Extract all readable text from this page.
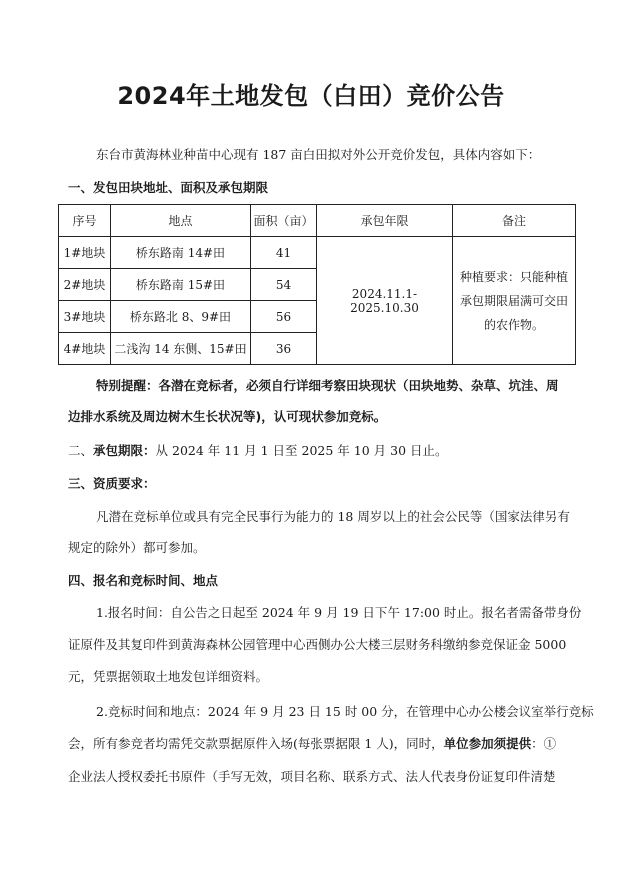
2024年土地发包（白田）竞价公告
东台市黄海林业种苗中心现有 187 亩白田拟对外公开竞价发包，具体内容如下：
一、发包田块地址、面积及承包期限
序号	地点	面积（亩）	承包年限	备注
1#地块	桥东路南 14#田	41	2024.11.1-2025.10.30	种植要求：只能种植承包期限届满可交田的农作物。
2#地块	桥东路南 15#田	54		
3#地块	桥东路北 8、9#田	56		
4#地块	二浅沟 14 东侧、15#田	36		
特别提醒：各潜在竞标者，必须自行详细考察田块现状（田块地势、杂草、坑洼、周
边排水系统及周边树木生长状况等)，认可现状参加竞标。
二、承包期限：从 2024 年 11 月 1 日至 2025 年 10 月 30 日止。
三、资质要求：
凡潜在竞标单位或具有完全民事行为能力的 18 周岁以上的社会公民等（国家法律另有
规定的除外）都可参加。
四、报名和竞标时间、地点
1.报名时间：自公告之日起至 2024 年 9 月 19 日下午 17:00 时止。报名者需备带身份
证原件及其复印件到黄海森林公园管理中心西侧办公大楼三层财务科缴纳参竞保证金 5000
元，凭票据领取土地发包详细资料。
2.竞标时间和地点：2024 年 9 月 23 日 15 时 00 分，在管理中心办公楼会议室举行竞标
会，所有参竞者均需凭交款票据原件入场(每张票据限 1 人)，同时，单位参加须提供：①
企业法人授权委托书原件（手写无效，项目名称、联系方式、法人代表身份证复印件清楚
